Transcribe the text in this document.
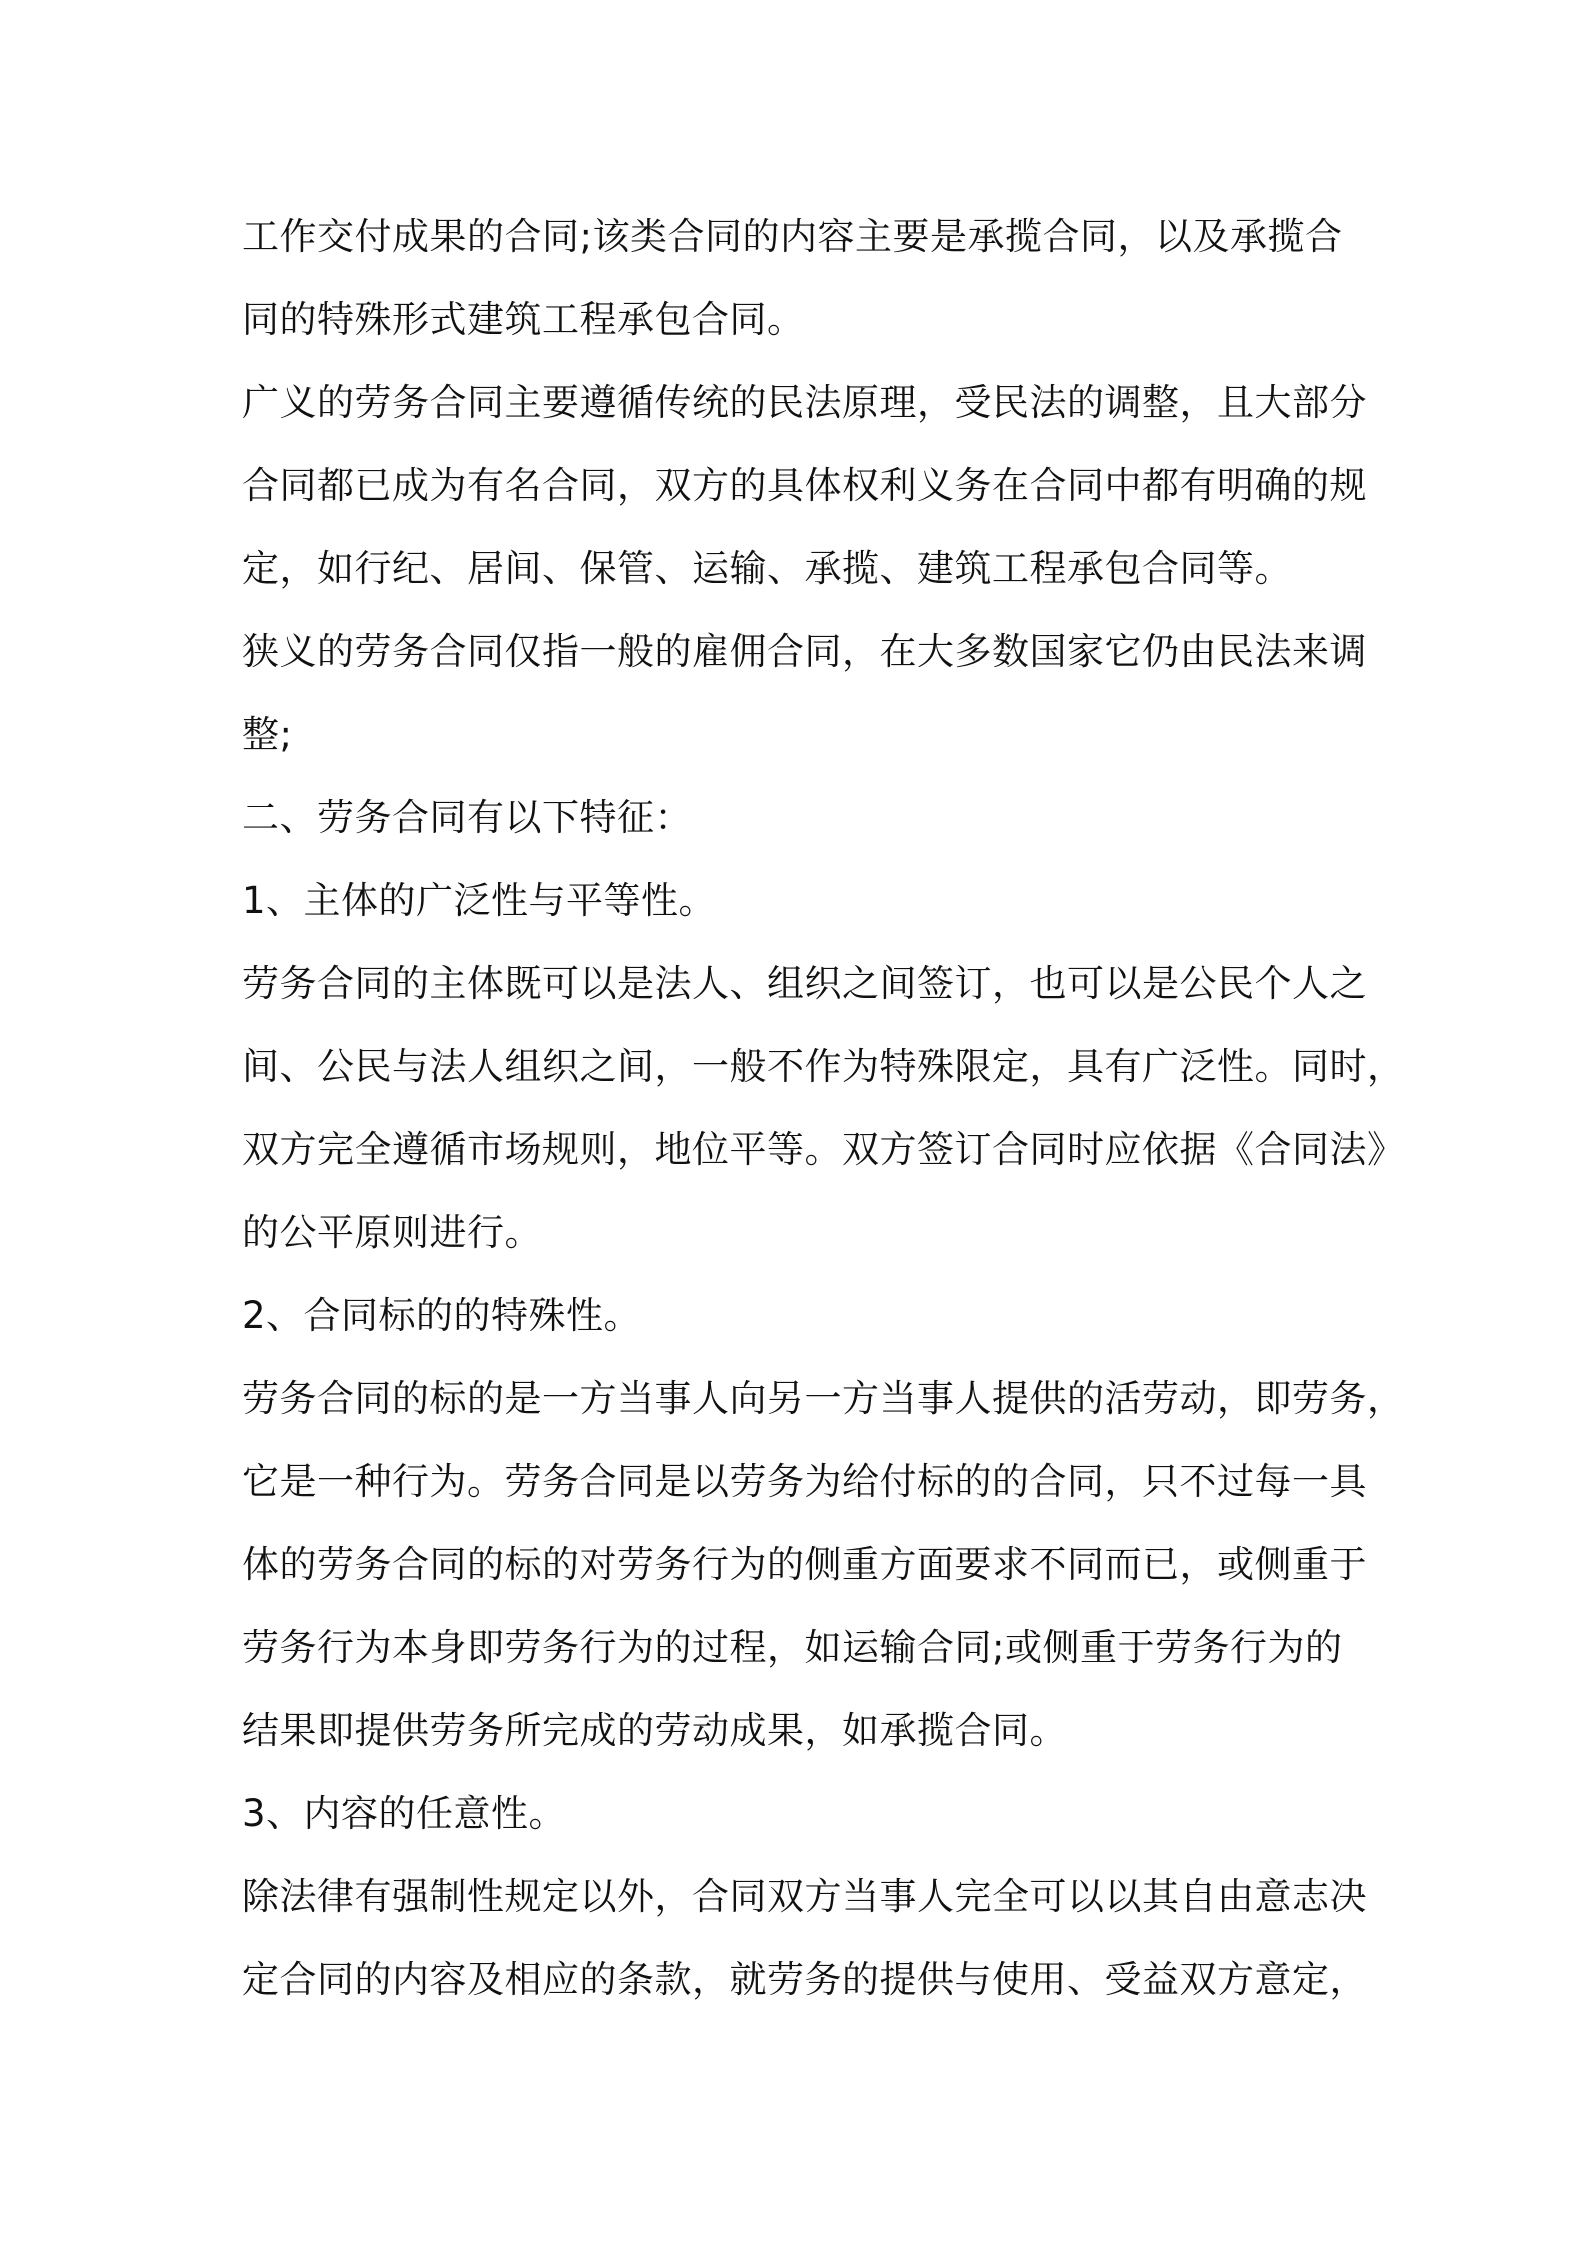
工作交付成果的合同;该类合同的内容主要是承揽合同，以及承揽合
同的特殊形式建筑工程承包合同。
广义的劳务合同主要遵循传统的民法原理，受民法的调整，且大部分
合同都已成为有名合同，双方的具体权利义务在合同中都有明确的规
定，如行纪、居间、保管、运输、承揽、建筑工程承包合同等。
狭义的劳务合同仅指一般的雇佣合同，在大多数国家它仍由民法来调
整;
二、劳务合同有以下特征：
1、主体的广泛性与平等性。
劳务合同的主体既可以是法人、组织之间签订，也可以是公民个人之
间、公民与法人组织之间，一般不作为特殊限定，具有广泛性。同时，
双方完全遵循市场规则，地位平等。双方签订合同时应依据《合同法》
的公平原则进行。
2、合同标的的特殊性。
劳务合同的标的是一方当事人向另一方当事人提供的活劳动，即劳务，
它是一种行为。劳务合同是以劳务为给付标的的合同，只不过每一具
体的劳务合同的标的对劳务行为的侧重方面要求不同而已，或侧重于
劳务行为本身即劳务行为的过程，如运输合同;或侧重于劳务行为的
结果即提供劳务所完成的劳动成果，如承揽合同。
3、内容的任意性。
除法律有强制性规定以外，合同双方当事人完全可以以其自由意志决
定合同的内容及相应的条款，就劳务的提供与使用、受益双方意定，
